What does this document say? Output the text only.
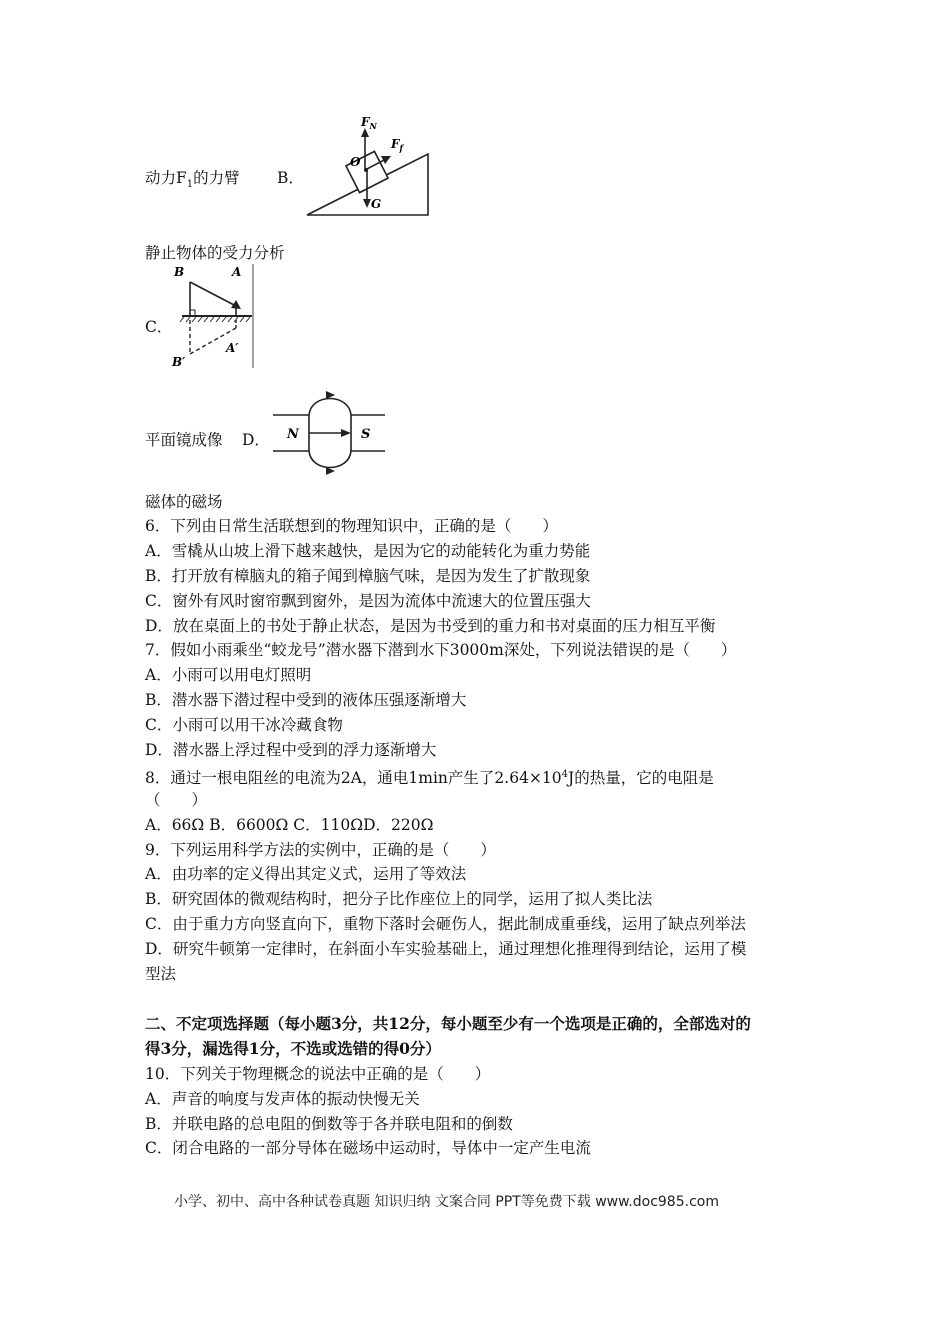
动力$F_1$的力臂 B．
$F_N$
$F_f$
O
G
静止物体的受力分析
B	A
B′
A′
C．
平面镜成像 D． N	S
磁体的磁场
6．下列由日常生活联想到的物理知识中，正确的是（　　）
A．雪橇从山坡上滑下越来越快，是因为它的动能转化为重力势能
B．打开放有樟脑丸的箱子闻到樟脑气味，是因为发生了扩散现象
C．窗外有风时窗帘飘到窗外，是因为流体中流速大的位置压强大
D．放在桌面上的书处于静止状态，是因为书受到的重力和书对桌面的压力相互平衡
7．假如小雨乘坐“蛟龙号”潜水器下潜到水下3000m深处，下列说法错误的是（　　）
A．小雨可以用电灯照明
B．潜水器下潜过程中受到的液体压强逐渐增大
C．小雨可以用干冰冷藏食物
D．潜水器上浮过程中受到的浮力逐渐增大
8．通过一根电阻丝的电流为2A，通电1min产生了$2.64\times 10^4J$的热量，它的电阻是
（　　）
A．66Ω B．6600Ω C．110ΩD．220Ω
9．下列运用科学方法的实例中，正确的是（　　）
A．由功率的定义得出其定义式，运用了等效法
B．研究固体的微观结构时，把分子比作座位上的同学，运用了拟人类比法
C．由于重力方向竖直向下，重物下落时会砸伤人，据此制成重垂线，运用了缺点列举法
D．研究牛顿第一定律时，在斜面小车实验基础上，通过理想化推理得到结论，运用了模
型法
二、不定项选择题（每小题3分，共12分，每小题至少有一个选项是正确的，全部选对的
得3分，漏选得1分，不选或选错的得0分）
10．下列关于物理概念的说法中正确的是（　　）
A．声音的响度与发声体的振动快慢无关
B．并联电路的总电阻的倒数等于各并联电阻和的倒数
C．闭合电路的一部分导体在磁场中运动时，导体中一定产生电流
小学、初中、高中各种试卷真题 知识归纳 文案合同 PPT等免费下载 www.doc985.com
